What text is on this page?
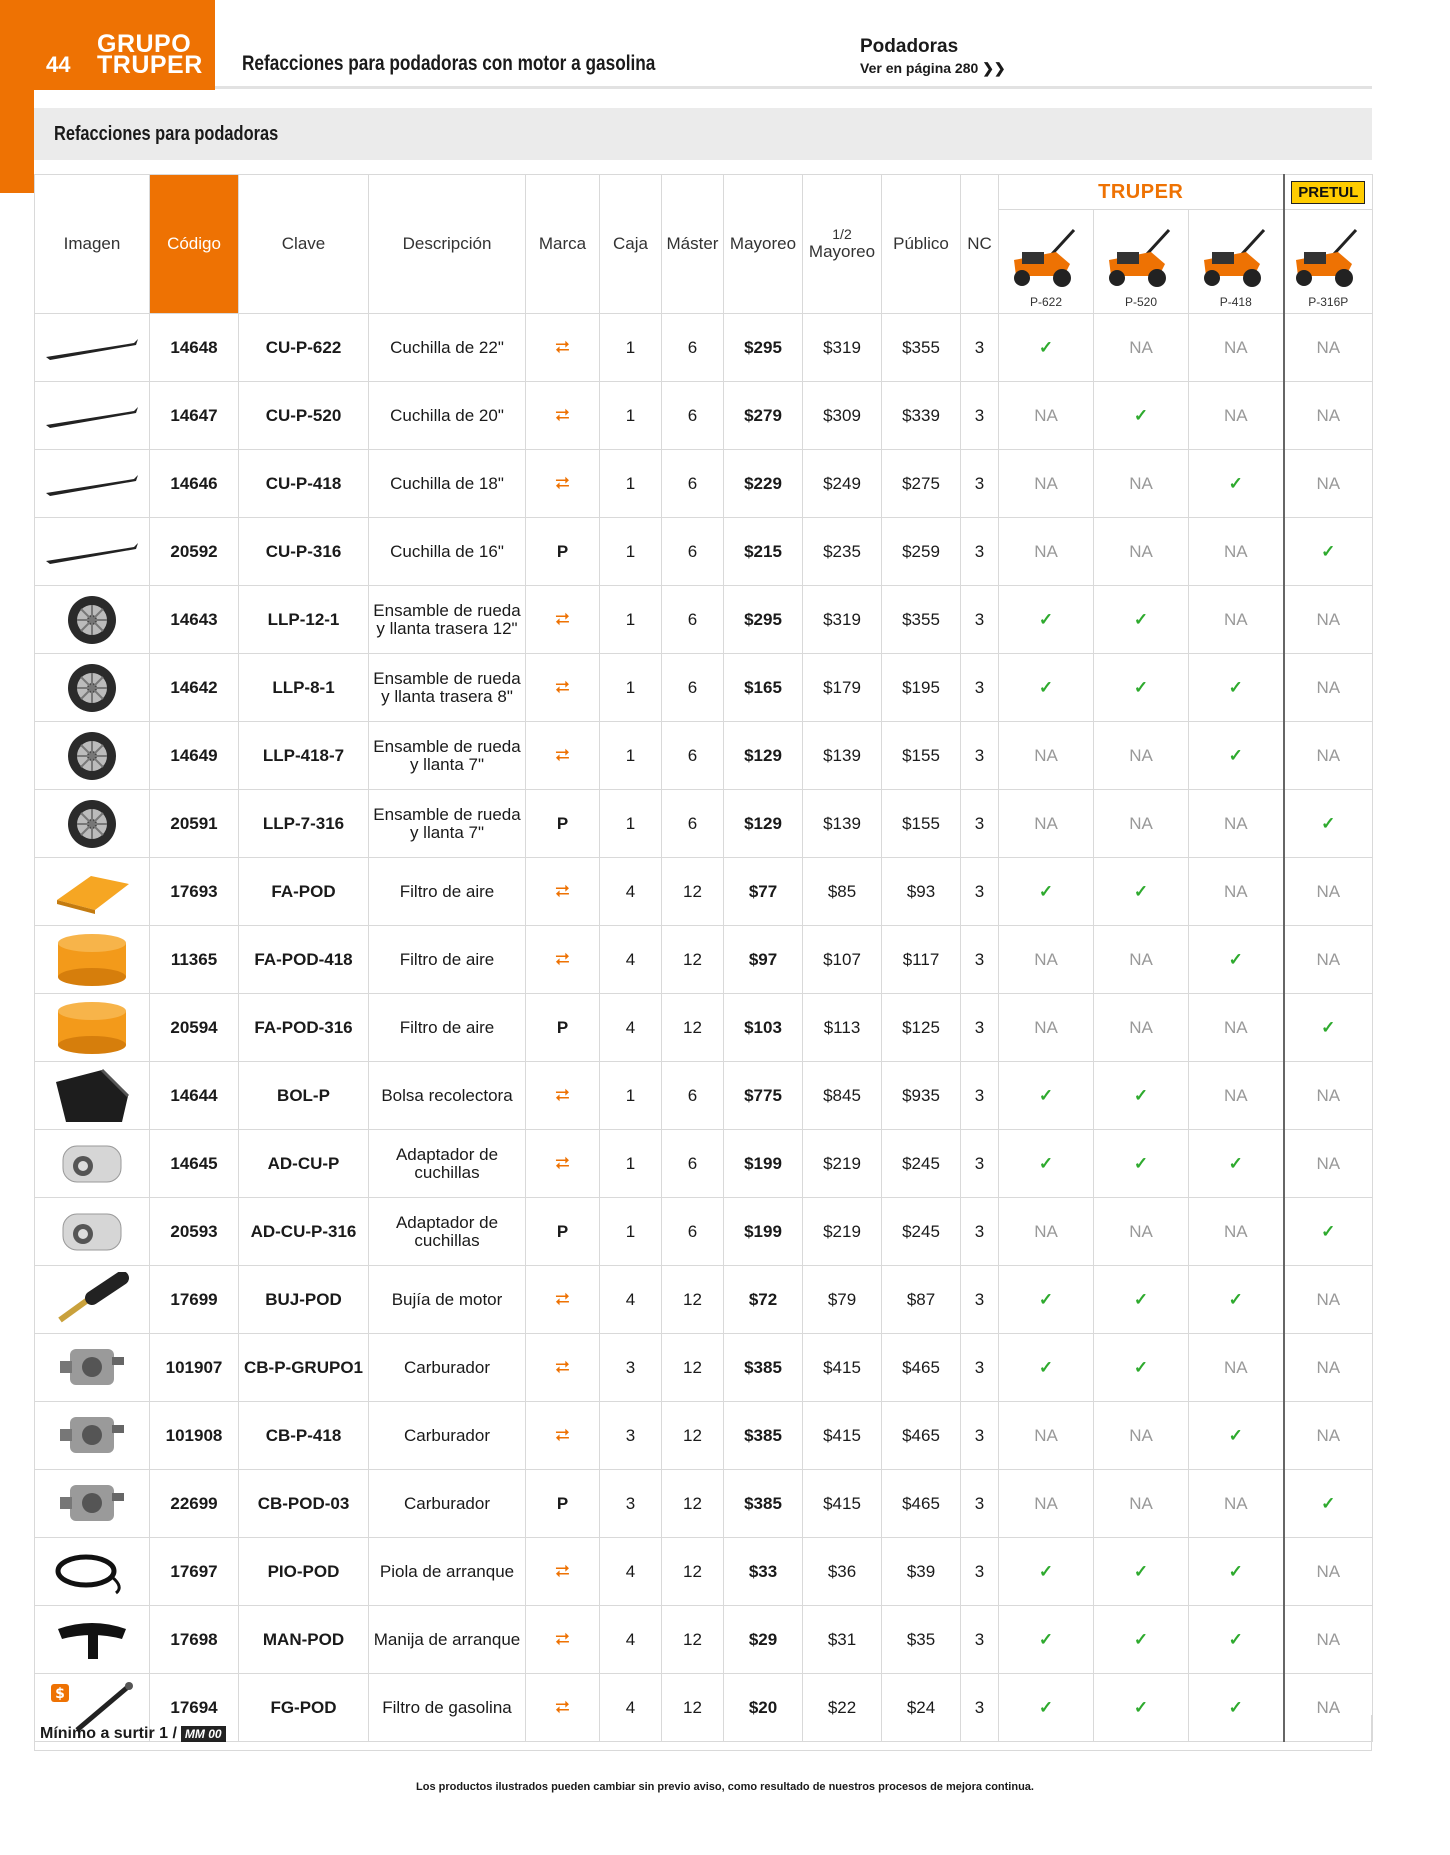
44
GRUPO
TRUPER Refacciones para podadoras con motor a gasolina
Podadoras
Ver en página 280 ❯❯
Refacciones para podadoras
Imagen	Código	Clave	Descripción	Marca	Caja	Máster	Mayoreo	1/2
Mayoreo	Público	NC	TRUPER			PRETUL

											P-622	P-520	P-418	P-316P

	14648	CU-P-622	Cuchilla de 22"	⮂	1	6	$295	$319	$355	3	✓	NA	NA	NA

	14647	CU-P-520	Cuchilla de 20"	⮂	1	6	$279	$309	$339	3	NA	✓	NA	NA

	14646	CU-P-418	Cuchilla de 18"	⮂	1	6	$229	$249	$275	3	NA	NA	✓	NA

	20592	CU-P-316	Cuchilla de 16"	P	1	6	$215	$235	$259	3	NA	NA	NA	✓

	14643	LLP-12-1	Ensamble de rueda y llanta trasera 12"	⮂	1	6	$295	$319	$355	3	✓	✓	NA	NA

	14642	LLP-8-1	Ensamble de rueda y llanta trasera 8"	⮂	1	6	$165	$179	$195	3	✓	✓	✓	NA

	14649	LLP-418-7	Ensamble de rueda y llanta 7"	⮂	1	6	$129	$139	$155	3	NA	NA	✓	NA

	20591	LLP-7-316	Ensamble de rueda y llanta 7"	P	1	6	$129	$139	$155	3	NA	NA	NA	✓

	17693	FA-POD	Filtro de aire	⮂	4	12	$77	$85	$93	3	✓	✓	NA	NA

	11365	FA-POD-418	Filtro de aire	⮂	4	12	$97	$107	$117	3	NA	NA	✓	NA

	20594	FA-POD-316	Filtro de aire	P	4	12	$103	$113	$125	3	NA	NA	NA	✓

	14644	BOL-P	Bolsa recolectora	⮂	1	6	$775	$845	$935	3	✓	✓	NA	NA

	14645	AD-CU-P	Adaptador de cuchillas	⮂	1	6	$199	$219	$245	3	✓	✓	✓	NA

	20593	AD-CU-P-316	Adaptador de cuchillas	P	1	6	$199	$219	$245	3	NA	NA	NA	✓

	17699	BUJ-POD	Bujía de motor	⮂	4	12	$72	$79	$87	3	✓	✓	✓	NA

	101907	CB-P-GRUPO1	Carburador	⮂	3	12	$385	$415	$465	3	✓	✓	NA	NA

	101908	CB-P-418	Carburador	⮂	3	12	$385	$415	$465	3	NA	NA	✓	NA

	22699	CB-POD-03	Carburador	P	3	12	$385	$415	$465	3	NA	NA	NA	✓

	17697	PIO-POD	Piola de arranque	⮂	4	12	$33	$36	$39	3	✓	✓	✓	NA

	17698	MAN-POD	Manija de arranque	⮂	4	12	$29	$31	$35	3	✓	✓	✓	NA

$	17694	FG-POD	Filtro de gasolina	⮂	4	12	$20	$22	$24	3	✓	✓	✓	NA
Mínimo a surtir 1 / MM 00
Los productos ilustrados pueden cambiar sin previo aviso, como resultado de nuestros procesos de mejora continua.
